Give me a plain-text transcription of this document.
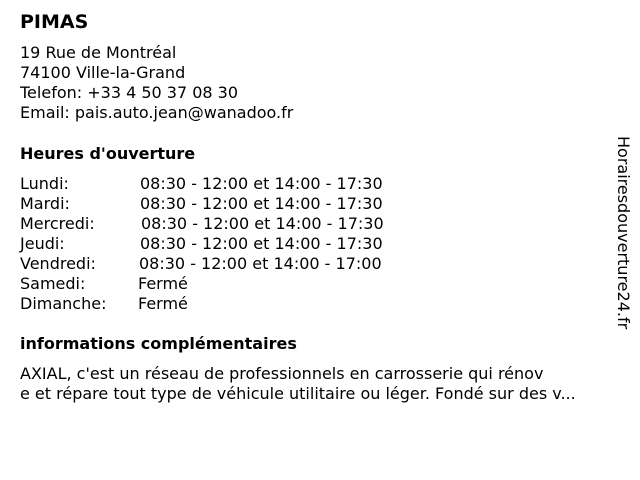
PIMAS
19 Rue de Montréal
74100 Ville-la-Grand
Telefon: +33 4 50 37 08 30
Email: pais.auto.jean@wanadoo.fr
Heures d'ouverture
Lundi:	08:30 - 12:00 et 14:00 - 17:30
Mardi:	08:30 - 12:00 et 14:00 - 17:30
Mercredi:	08:30 - 12:00 et 14:00 - 17:30
Jeudi:	08:30 - 12:00 et 14:00 - 17:30
Vendredi:	08:30 - 12:00 et 14:00 - 17:00
Samedi:	Fermé
Dimanche: Fermé
informations complémentaires
AXIAL, c'est un réseau de professionnels en carrosserie qui rénov
e et répare tout type de véhicule utilitaire ou léger. Fondé sur des v...
Horairesdouverture24.fr
